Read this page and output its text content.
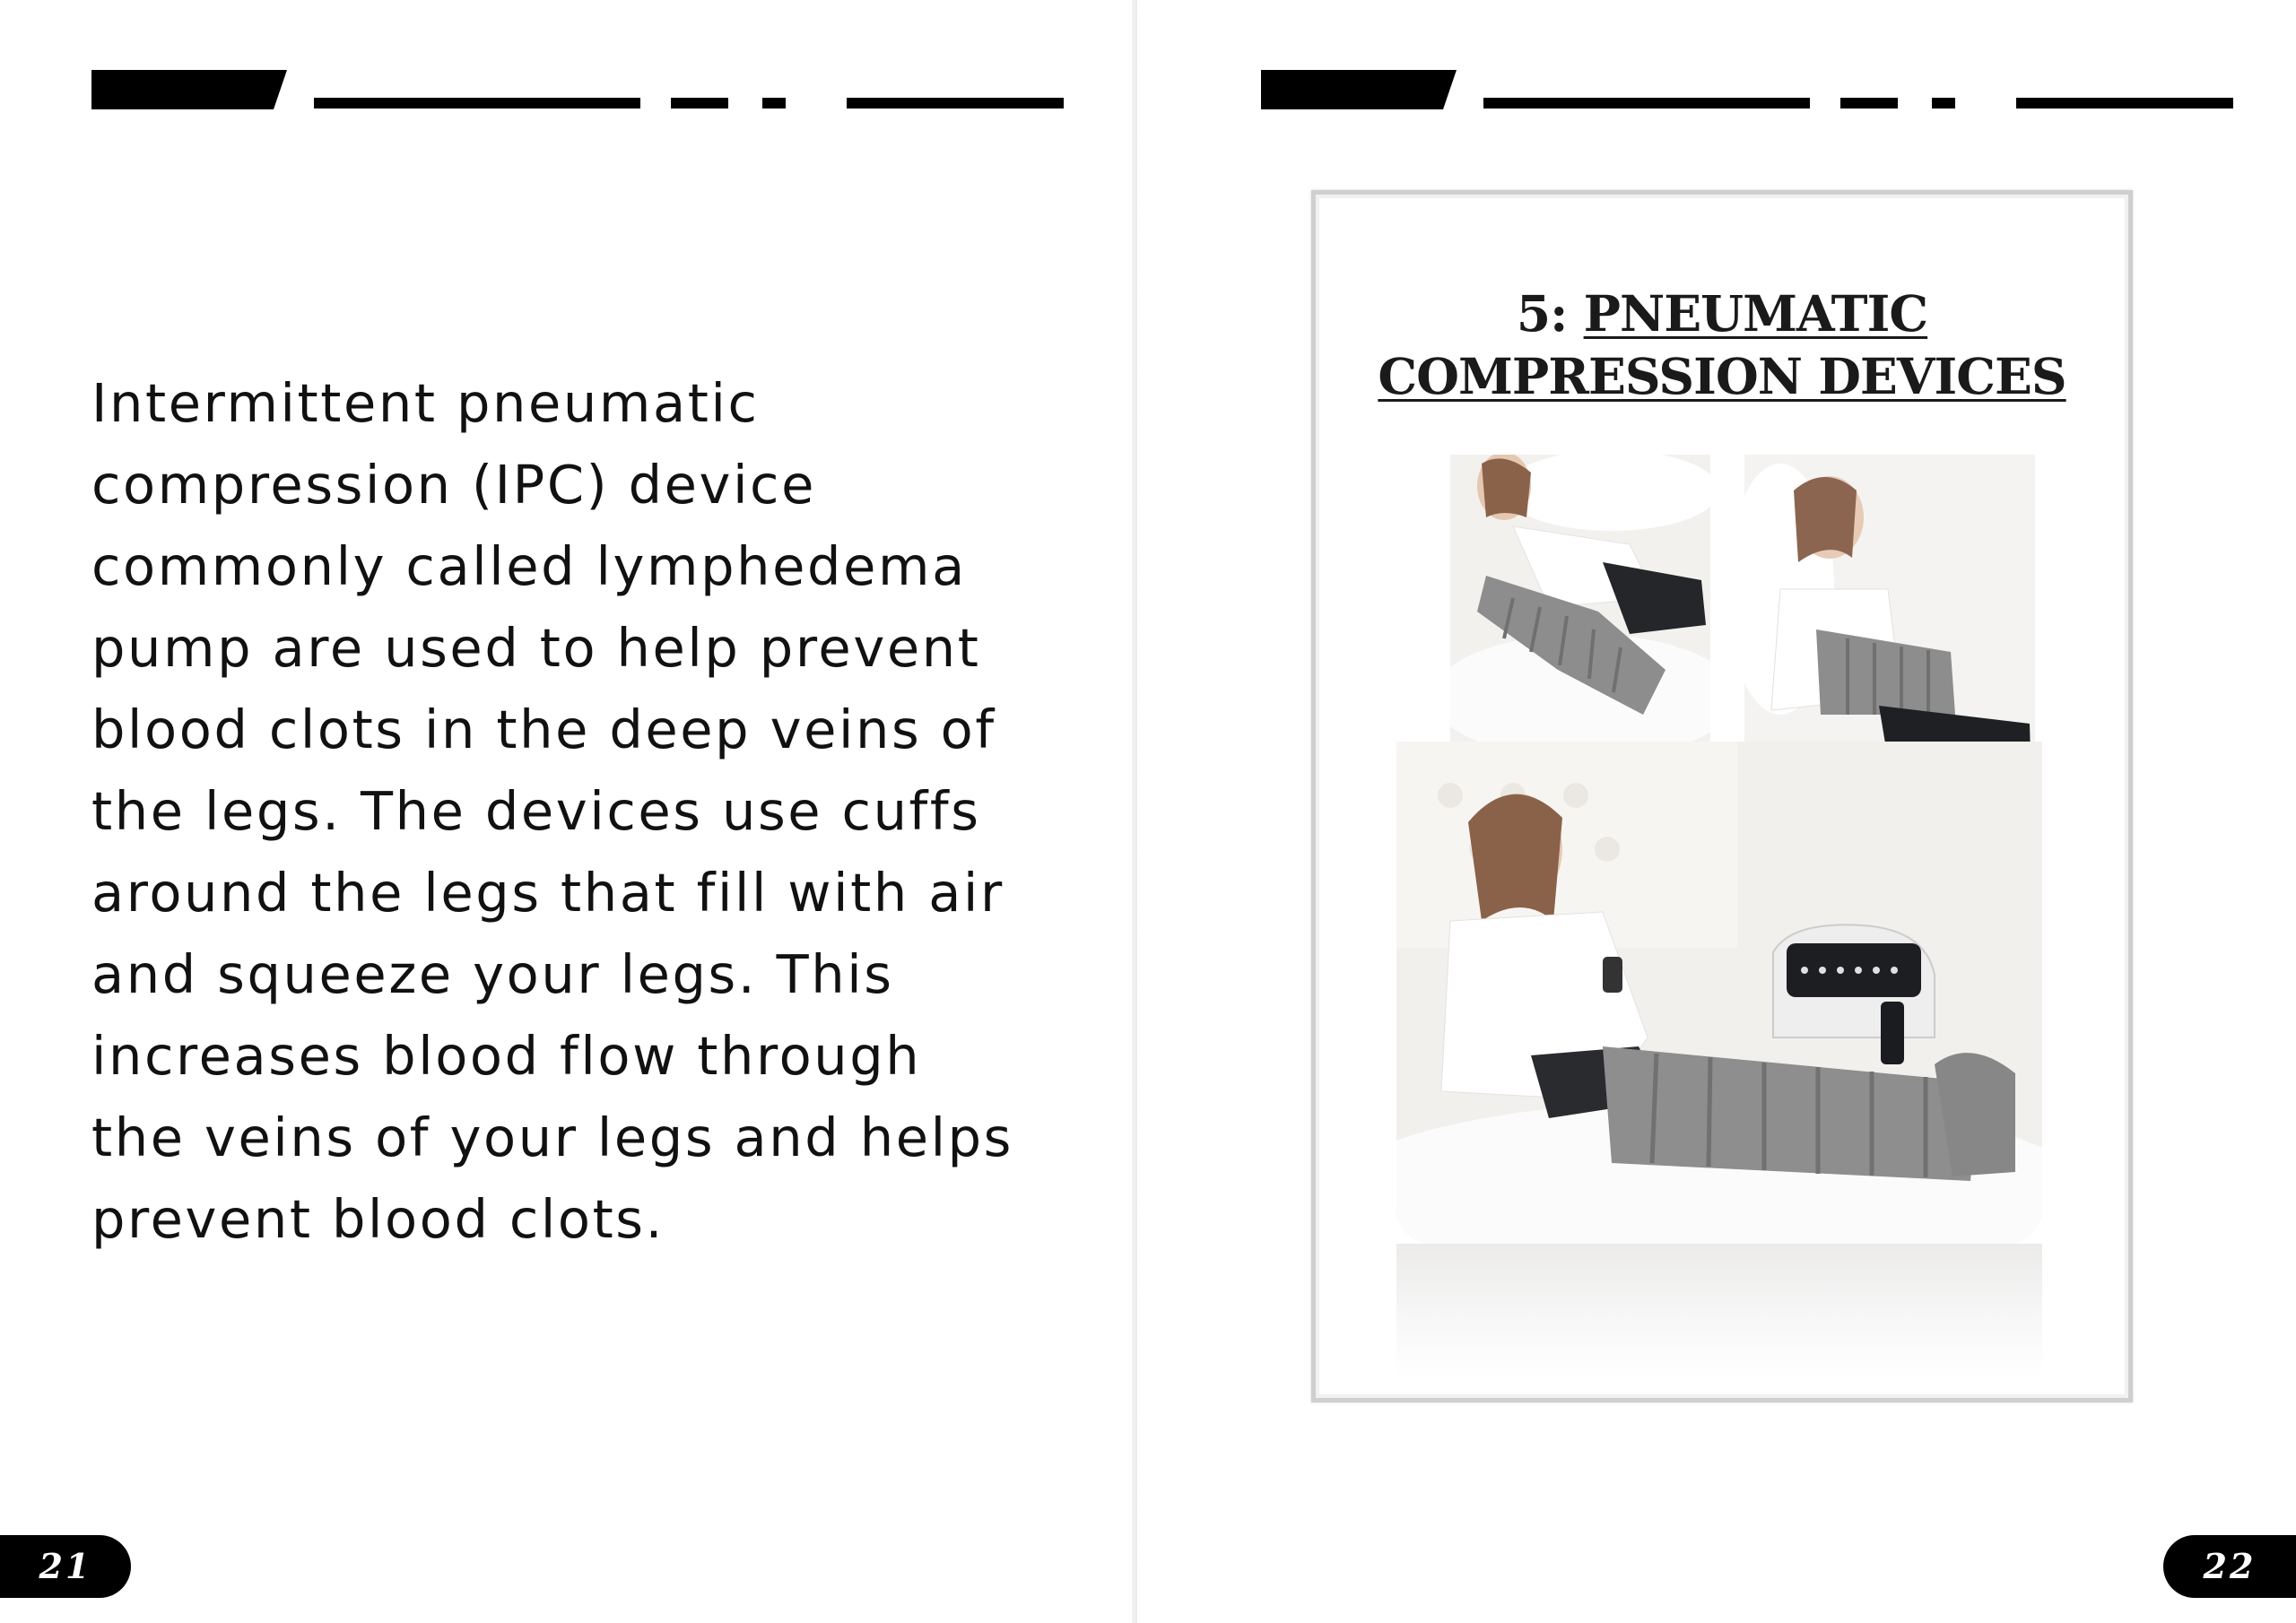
Intermittent pneumatic
compression (IPC) device
commonly called lymphedema
pump are used to help prevent
blood clots in the deep veins of
the legs. The devices use cuffs
around the legs that fill with air
and squeeze your legs. This
increases blood flow through
the veins of your legs and helps
prevent blood clots.
21	22
5: PNEUMATIC
COMPRESSION DEVICES
